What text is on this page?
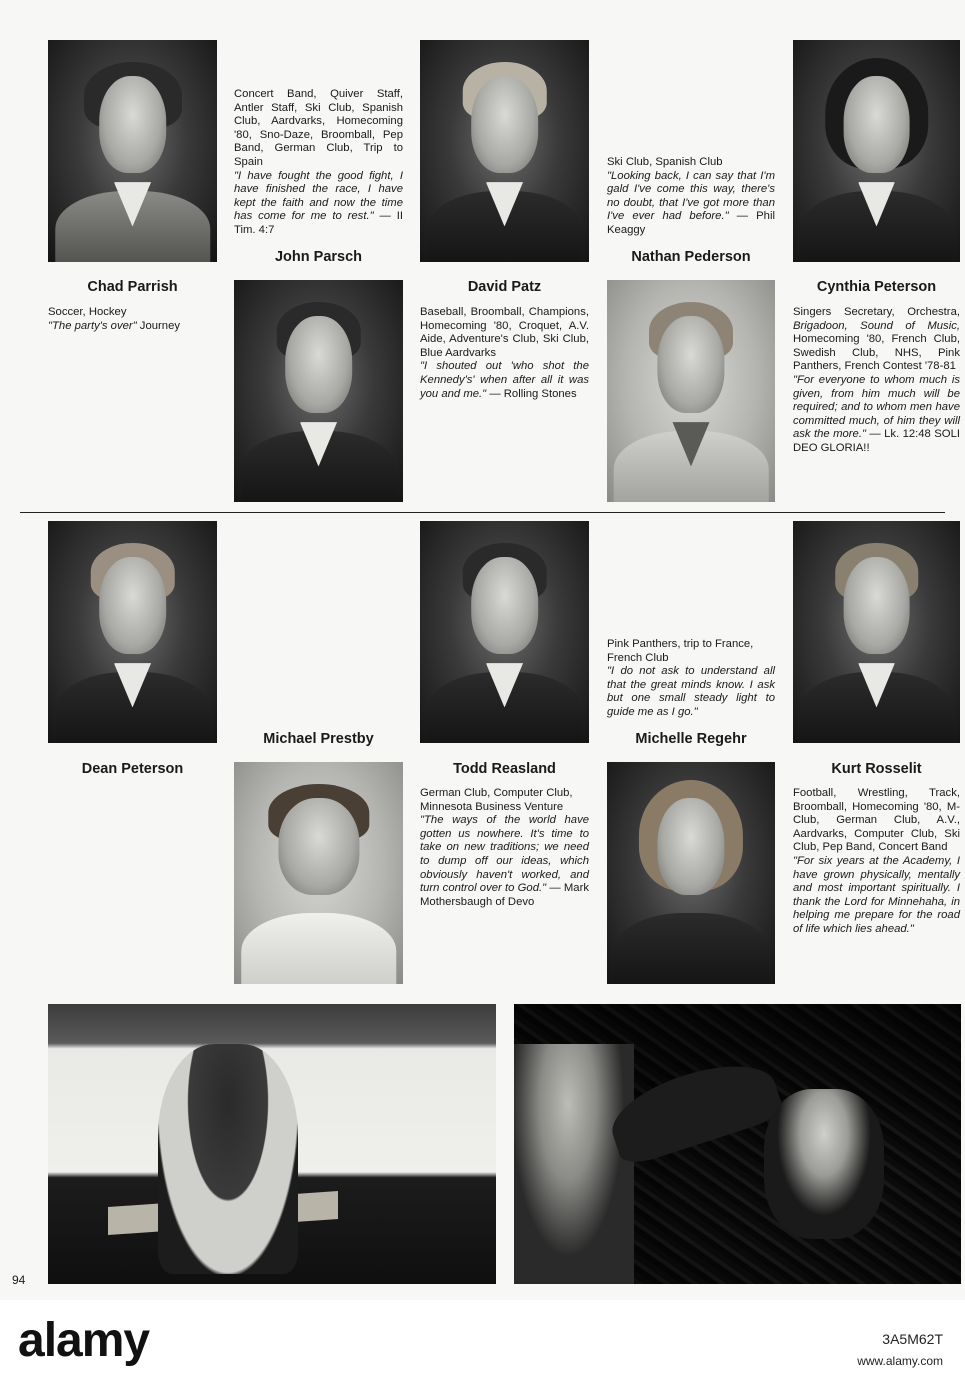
Chad Parrish
John Parsch
David Patz
Nathan Pederson
Cynthia Peterson
Soccer, Hockey
"The party's over" Journey
Concert Band, Quiver Staff, Antler Staff, Ski Club, Spanish Club, Aardvarks, Homecoming '80, Sno-Daze, Broomball, Pep Band, German Club, Trip to Spain
"I have fought the good fight, I have finished the race, I have kept the faith and now the time has come for me to rest." — II Tim. 4:7
Baseball, Broomball, Champions, Homecoming '80, Croquet, A.V. Aide, Adventure's Club, Ski Club, Blue Aardvarks
"I shouted out 'who shot the Kennedy's' when after all it was you and me." — Rolling Stones
Ski Club, Spanish Club
"Looking back, I can say that I'm gald I've come this way, there's no doubt, that I've got more than I've ever had before." — Phil Keaggy
Singers Secretary, Orchestra, Brigadoon, Sound of Music, Homecoming '80, French Club, Swedish Club, NHS, Pink Panthers, French Contest '78-81
"For everyone to whom much is given, from him much will be required; and to whom men have committed much, of him they will ask the more." — Lk. 12:48 SOLI DEO GLORIA!!
Dean Peterson
Michael Prestby
Todd Reasland
Michelle Regehr
Kurt Rosselit
German Club, Computer Club, Minnesota Business Venture
"The ways of the world have gotten us nowhere. It's time to take on new traditions; we need to dump off our ideas, which obviously haven't worked, and turn control over to God." — Mark Mothersbaugh of Devo
Pink Panthers, trip to France, French Club
"I do not ask to understand all that the great minds know. I ask but one small steady light to guide me as I go."
Football, Wrestling, Track, Broomball, Homecoming '80, M-Club, German Club, A.V., Aardvarks, Computer Club, Ski Club, Pep Band, Concert Band
"For six years at the Academy, I have grown physically, mentally and most important spiritually. I thank the Lord for Minnehaha, in helping me prepare for the road of life which lies ahead."
94
alamy	3A5M62T
www.alamy.com
